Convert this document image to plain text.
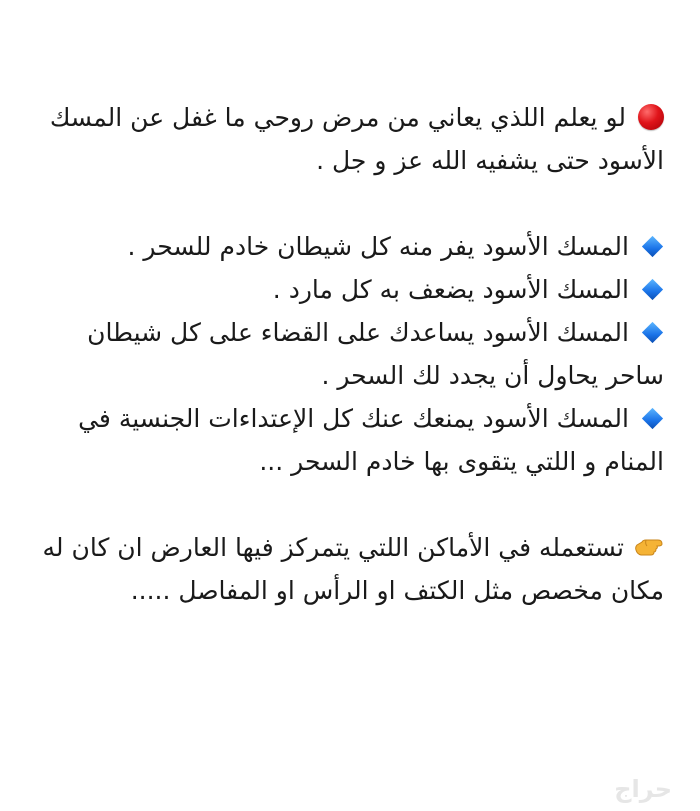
لو يعلم اللذي يعاني من مرض روحي ما غفل عن المسك الأسود حتى يشفيه الله عز و جل .

المسك الأسود يفر منه كل شيطان خادم للسحر .

المسك الأسود يضعف به كل مارد .

المسك الأسود يساعدك على القضاء على كل شيطان ساحر يحاول أن يجدد لك السحر .

المسك الأسود يمنعك عنك كل الإعتداءات الجنسية في المنام و اللتي يتقوى بها خادم السحر ...

تستعمله في الأماكن اللتي يتمركز فيها العارض ان كان له مكان مخصص مثل الكتف او الرأس او المفاصل .....

حراج
